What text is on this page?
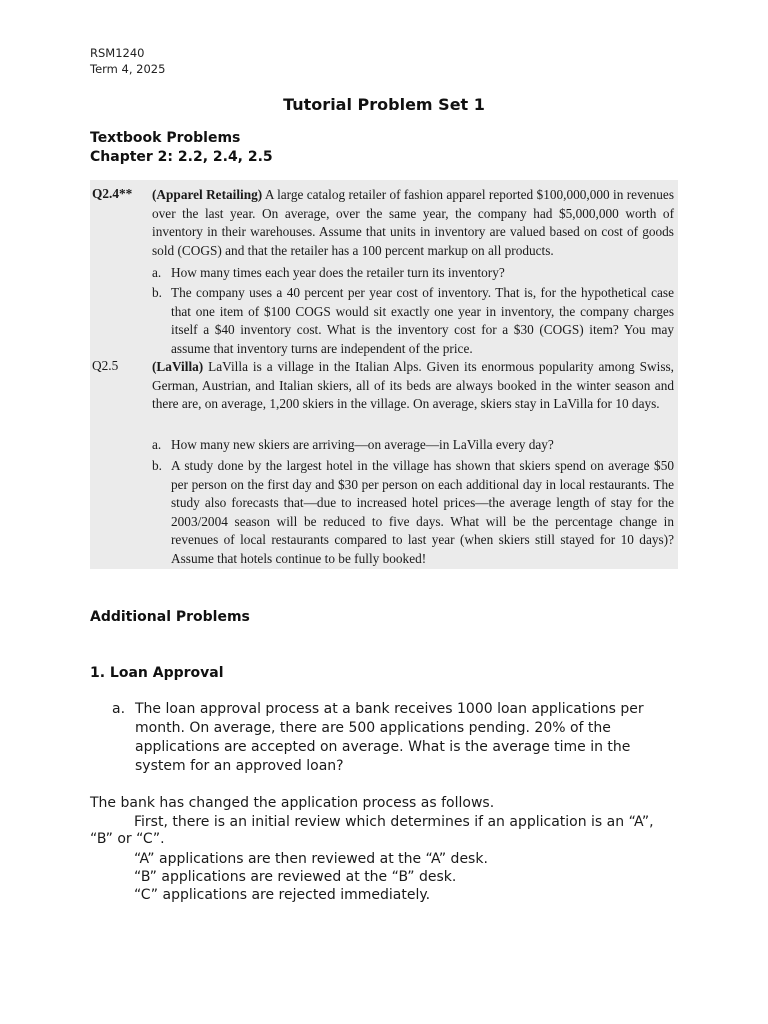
RSM1240
Term 4, 2025
Tutorial Problem Set 1
Textbook Problems
Chapter 2: 2.2, 2.4, 2.5
Q2.4** (Apparel Retailing) A large catalog retailer of fashion apparel reported $100,000,000 in revenues over the last year. On average, over the same year, the company had $5,000,000 worth of inventory in their warehouses. Assume that units in inventory are valued based on cost of goods sold (COGS) and that the retailer has a 100 percent markup on all products.
a. How many times each year does the retailer turn its inventory?
b. The company uses a 40 percent per year cost of inventory. That is, for the hypothetical case that one item of $100 COGS would sit exactly one year in inventory, the company charges itself a $40 inventory cost. What is the inventory cost for a $30 (COGS) item? You may assume that inventory turns are independent of the price.
Q2.5	(LaVilla) LaVilla is a village in the Italian Alps. Given its enormous popularity among Swiss, German, Austrian, and Italian skiers, all of its beds are always booked in the winter season and there are, on average, 1,200 skiers in the village. On average, skiers stay in LaVilla for 10 days.
a. How many new skiers are arriving—on average—in LaVilla every day?
b. A study done by the largest hotel in the village has shown that skiers spend on average $50 per person on the first day and $30 per person on each additional day in local restaurants. The study also forecasts that—due to increased hotel prices—the average length of stay for the 2003/2004 season will be reduced to five days. What will be the percentage change in revenues of local restaurants compared to last year (when skiers still stayed for 10 days)? Assume that hotels continue to be fully booked!
Additional Problems
1. Loan Approval
a. The loan approval process at a bank receives 1000 loan applications per month. On average, there are 500 applications pending. 20% of the applications are accepted on average. What is the average time in the system for an approved loan?
The bank has changed the application process as follows.
First, there is an initial review which determines if an application is an “A”,
“B” or “C”.
“A” applications are then reviewed at the “A” desk.
“B” applications are reviewed at the “B” desk.
“C” applications are rejected immediately.
